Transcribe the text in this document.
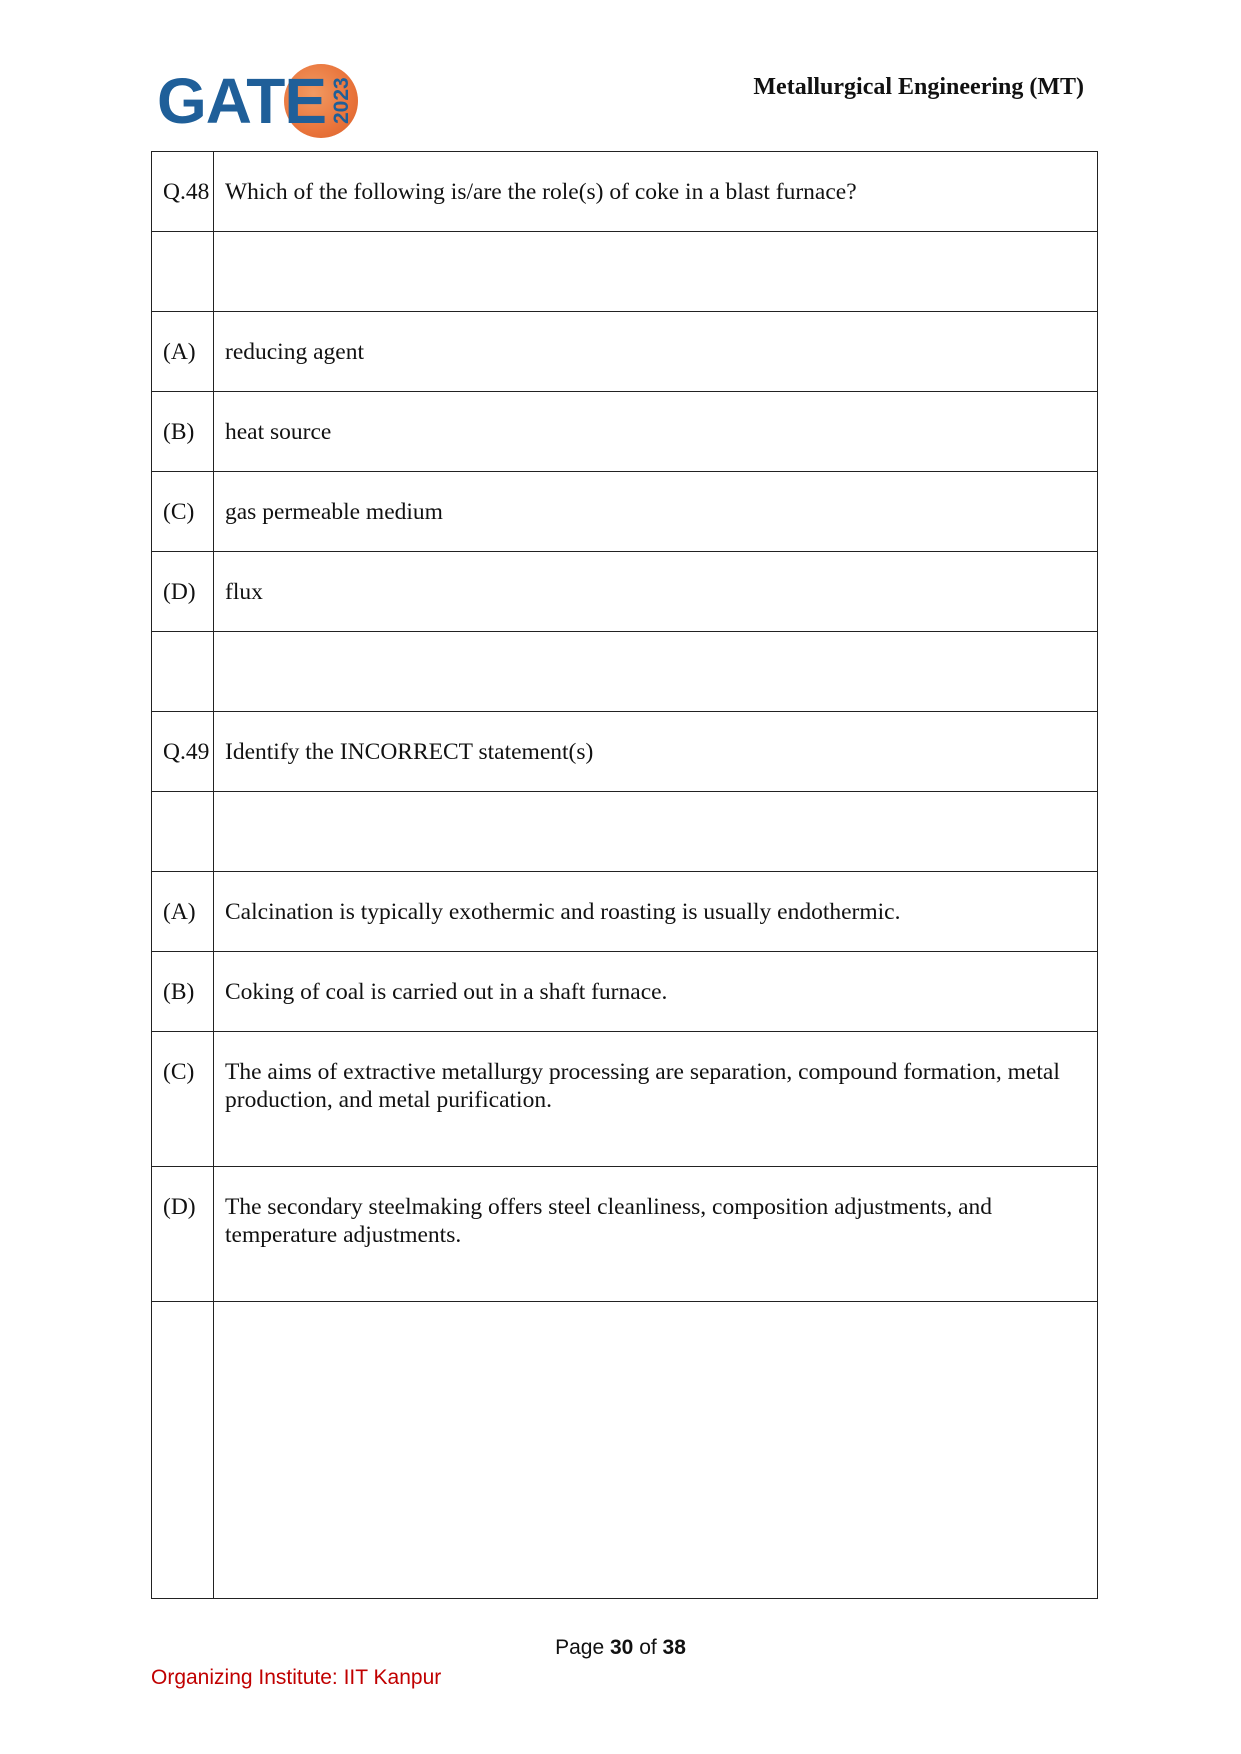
GATE 2023	Metallurgical Engineering (MT)
Q.48	Which of the following is/are the role(s) of coke in a blast furnace?

(A)	reducing agent
(B)	heat source
(C)	gas permeable medium
(D)	flux

Q.49	Identify the INCORRECT statement(s)

(A)	Calcination is typically exothermic and roasting is usually endothermic.
(B)	Coking of coal is carried out in a shaft furnace.
(C)	The aims of extractive metallurgy processing are separation, compound formation, metal production, and metal purification.
(D)	The secondary steelmaking offers steel cleanliness, composition adjustments, and temperature adjustments.

Page 30 of 38
Organizing Institute: IIT Kanpur
